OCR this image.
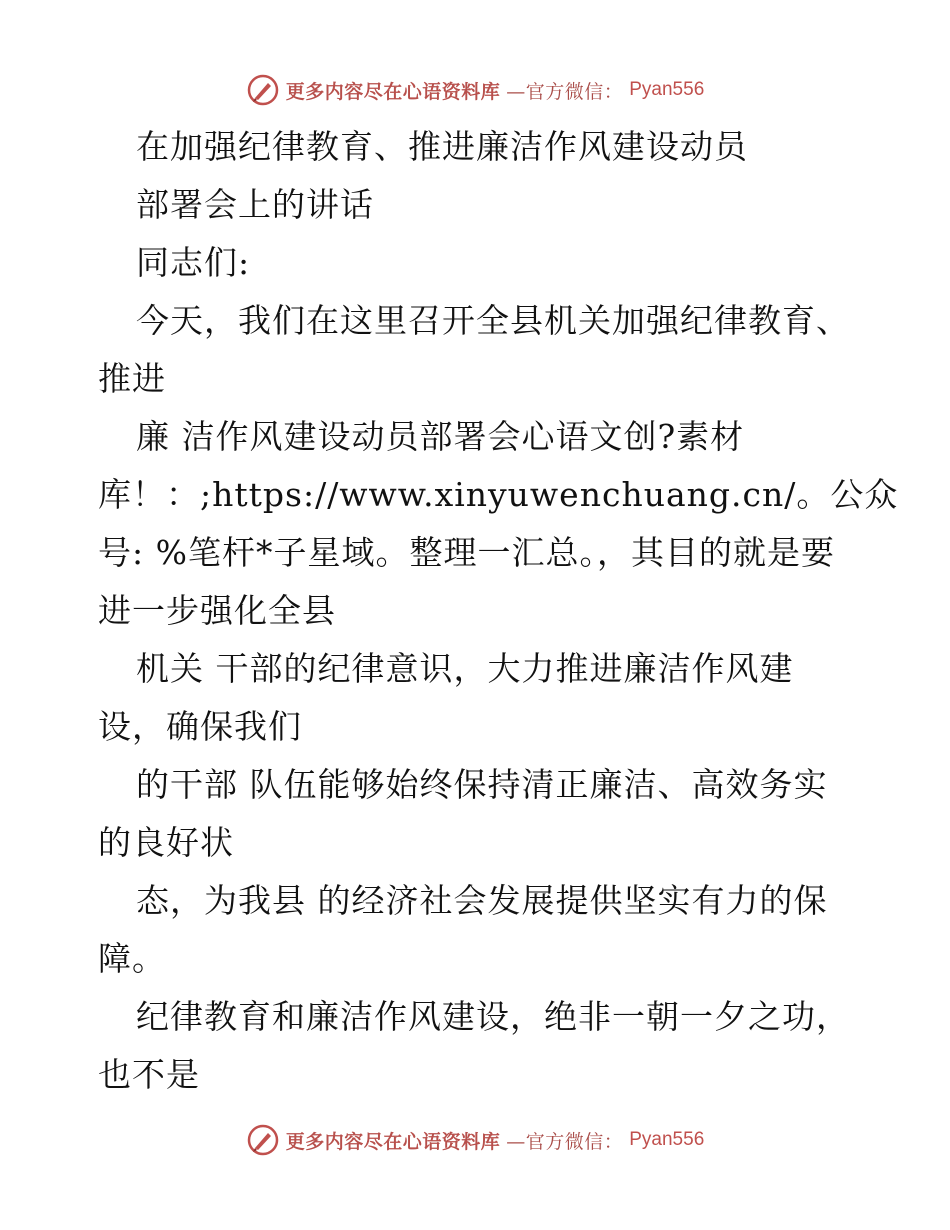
更多内容尽在心语资料库 —官方微信： Pyan556
在加强纪律教育、推进廉洁作风建设动员
部署会上的讲话
同志们:
今天，我们在这里召开全县机关加强纪律教育、
推进
廉 洁作风建设动员部署会心语文创?素材
库！：;https://www.xinyuwenchuang.cn/。公众
号: %笔杆*子星域。整理一汇总。，其目的就是要
进一步强化全县
机关 干部的纪律意识，大力推进廉洁作风建
设，确保我们
的干部 队伍能够始终保持清正廉洁、高效务实
的良好状
态，为我县 的经济社会发展提供坚实有力的保
障。
纪律教育和廉洁作风建设，绝非一朝一夕之功，
也不是
更多内容尽在心语资料库 —官方微信： Pyan556
